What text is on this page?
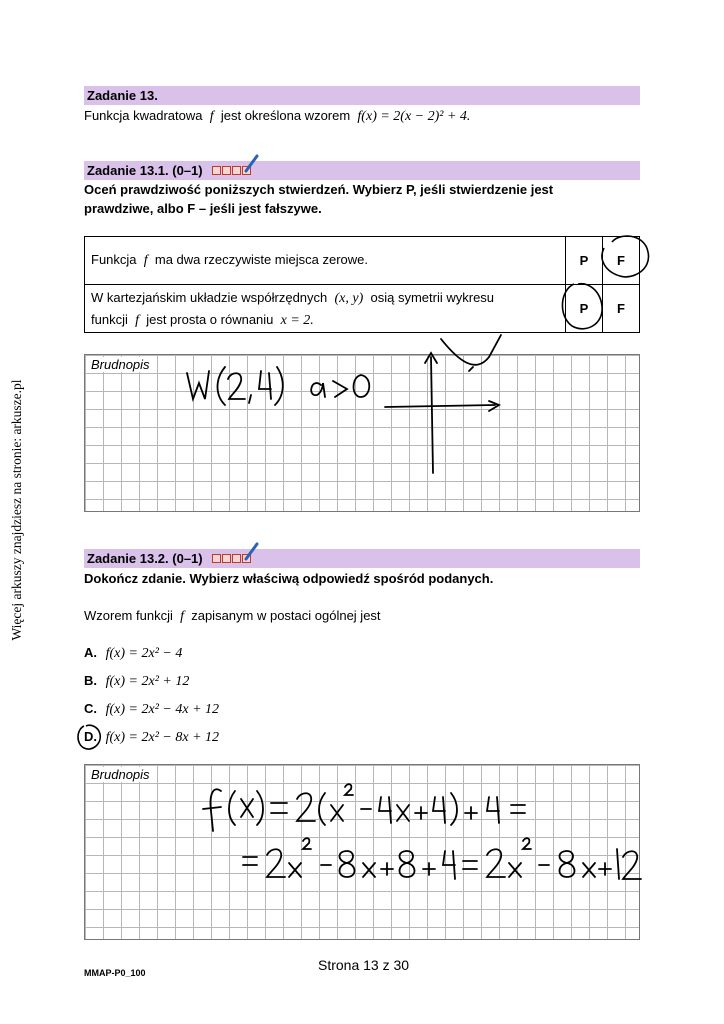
Więcej arkuszy znajdziesz na stronie: arkusze.pl
Zadanie 13.
Funkcja kwadratowa f jest określona wzorem f(x) = 2(x − 2)² + 4.
Zadanie 13.1. (0–1)
Oceń prawdziwość poniższych stwierdzeń. Wybierz P, jeśli stwierdzenie jest
prawdziwe, albo F – jeśli jest fałszywe.
Funkcja f ma dwa rzeczywiste miejsca zerowe.	P	F
W kartezjańskim układzie współrzędnych (x, y) osią symetrii wykresu
funkcji f jest prosta o równaniu x = 2.	P	F
Brudnopis
Zadanie 13.2. (0–1)
Dokończ zdanie. Wybierz właściwą odpowiedź spośród podanych.
Wzorem funkcji f zapisanym w postaci ogólnej jest
A. f(x) = 2x² − 4
B. f(x) = 2x² + 12
C. f(x) = 2x² − 4x + 12
D. f(x) = 2x² − 8x + 12
Brudnopis
Strona 13 z 30
MMAP-P0_100
